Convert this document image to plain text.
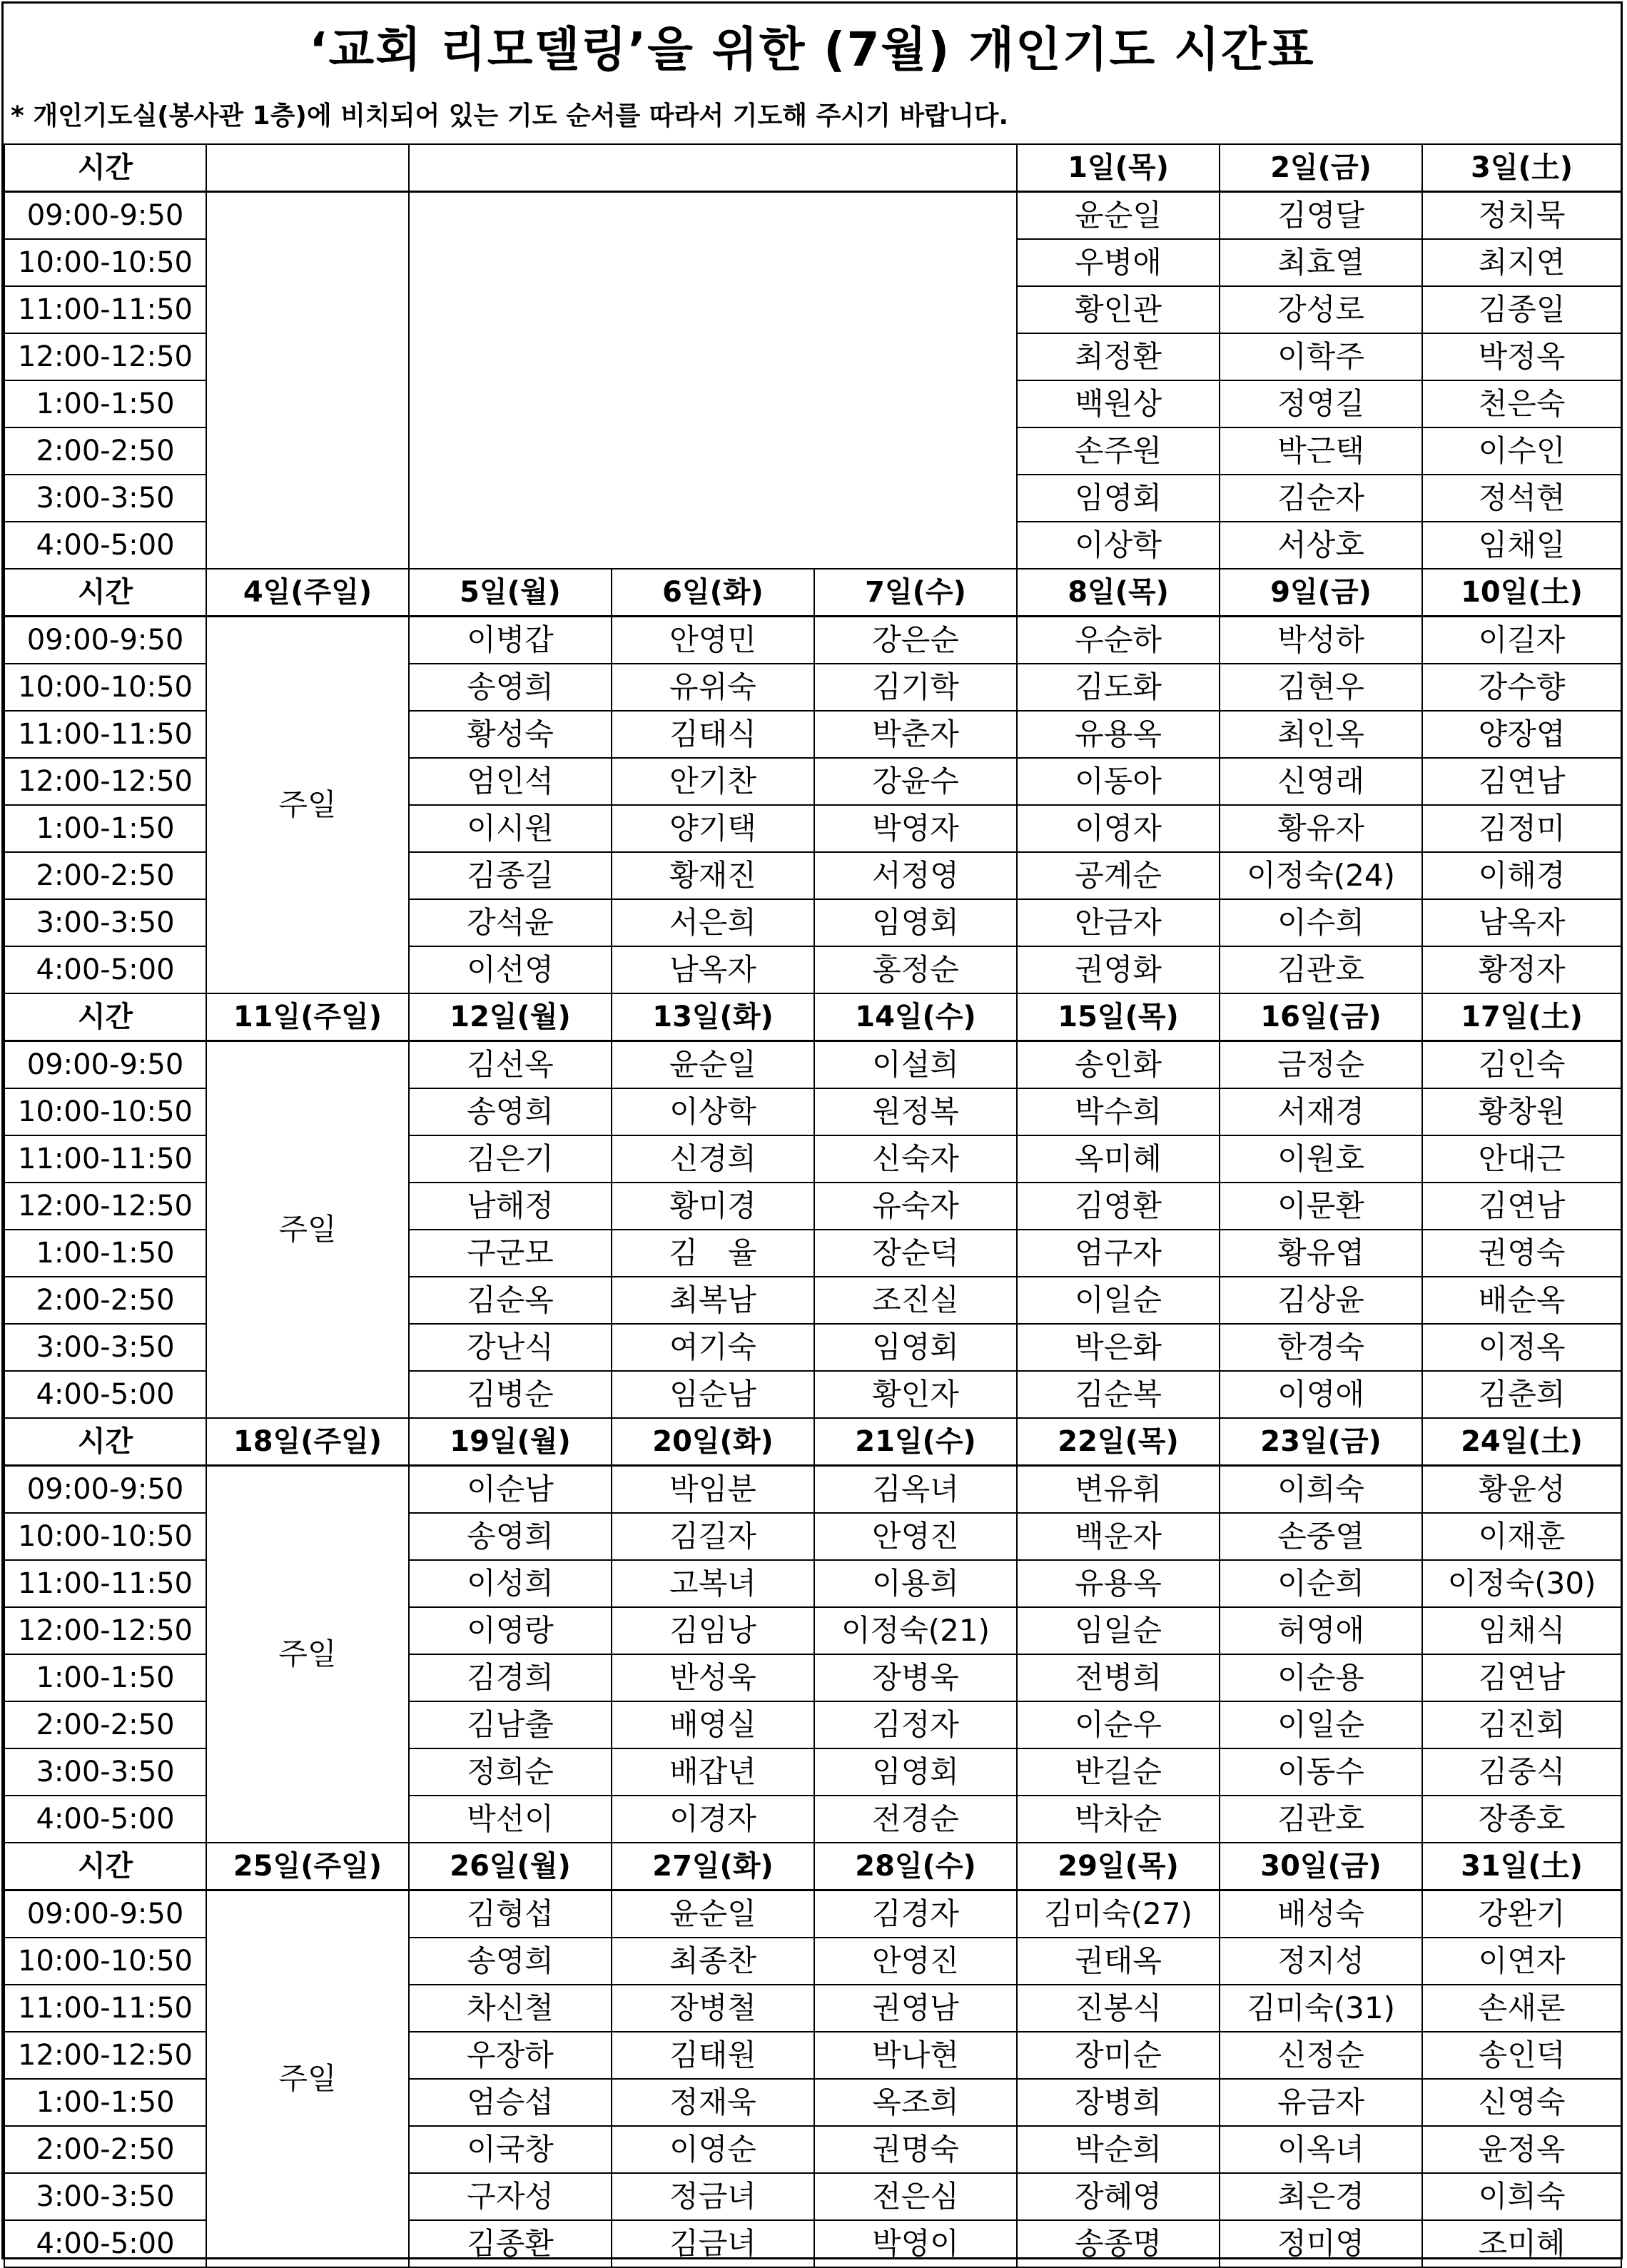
‘교회 리모델링’을 위한 (7월) 개인기도 시간표
* 개인기도실(봉사관 1층)에 비치되어 있는 기도 순서를 따라서 기도해 주시기 바랍니다.
시간					1일(목)	2일(금)	3일(土)
09:00-9:50					윤순일	김영달	정치묵
10:00-10:50					우병애	최효열	최지연
11:00-11:50					황인관	강성로	김종일
12:00-12:50					최정환	이학주	박정옥
1:00-1:50					백원상	정영길	천은숙
2:00-2:50					손주원	박근택	이수인
3:00-3:50					임영회	김순자	정석현
4:00-5:00					이상학	서상호	임채일
시간	4일(주일)	5일(월)	6일(화)	7일(수)	8일(목)	9일(금)	10일(土)
09:00-9:50	주일	이병갑	안영민	강은순	우순하	박성하	이길자
10:00-10:50		송영희	유위숙	김기학	김도화	김현우	강수향
11:00-11:50		황성숙	김태식	박춘자	유용옥	최인옥	양장엽
12:00-12:50		엄인석	안기찬	강윤수	이동아	신영래	김연남
1:00-1:50		이시원	양기택	박영자	이영자	황유자	김정미
2:00-2:50		김종길	황재진	서정영	공계순	이정숙(24)	이해경
3:00-3:50		강석윤	서은희	임영회	안금자	이수희	남옥자
4:00-5:00		이선영	남옥자	홍정순	권영화	김관호	황정자
시간	11일(주일)	12일(월)	13일(화)	14일(수)	15일(목)	16일(금)	17일(土)
09:00-9:50	주일	김선옥	윤순일	이설희	송인화	금정순	김인숙
10:00-10:50		송영희	이상학	원정복	박수희	서재경	황창원
11:00-11:50		김은기	신경희	신숙자	옥미혜	이원호	안대근
12:00-12:50		남해정	황미경	유숙자	김영환	이문환	김연남
1:00-1:50		구군모	김　율	장순덕	엄구자	황유엽	권영숙
2:00-2:50		김순옥	최복남	조진실	이일순	김상윤	배순옥
3:00-3:50		강난식	여기숙	임영회	박은화	한경숙	이정옥
4:00-5:00		김병순	임순남	황인자	김순복	이영애	김춘희
시간	18일(주일)	19일(월)	20일(화)	21일(수)	22일(목)	23일(금)	24일(土)
09:00-9:50	주일	이순남	박임분	김옥녀	변유휘	이희숙	황윤성
10:00-10:50		송영희	김길자	안영진	백운자	손중열	이재훈
11:00-11:50		이성희	고복녀	이용희	유용옥	이순희	이정숙(30)
12:00-12:50		이영랑	김임낭	이정숙(21)	임일순	허영애	임채식
1:00-1:50		김경희	반성욱	장병욱	전병희	이순용	김연남
2:00-2:50		김남출	배영실	김정자	이순우	이일순	김진회
3:00-3:50		정희순	배갑년	임영회	반길순	이동수	김중식
4:00-5:00		박선이	이경자	전경순	박차순	김관호	장종호
시간	25일(주일)	26일(월)	27일(화)	28일(수)	29일(목)	30일(금)	31일(土)
09:00-9:50	주일	김형섭	윤순일	김경자	김미숙(27)	배성숙	강완기
10:00-10:50		송영희	최종찬	안영진	권태옥	정지성	이연자
11:00-11:50		차신철	장병철	권영남	진봉식	김미숙(31)	손새론
12:00-12:50		우장하	김태원	박나현	장미순	신정순	송인덕
1:00-1:50		엄승섭	정재욱	옥조희	장병희	유금자	신영숙
2:00-2:50		이국창	이영순	권명숙	박순희	이옥녀	윤정옥
3:00-3:50		구자성	정금녀	전은심	장혜영	최은경	이희숙
4:00-5:00		김종환	김금녀	박영이	송종명	정미영	조미혜
